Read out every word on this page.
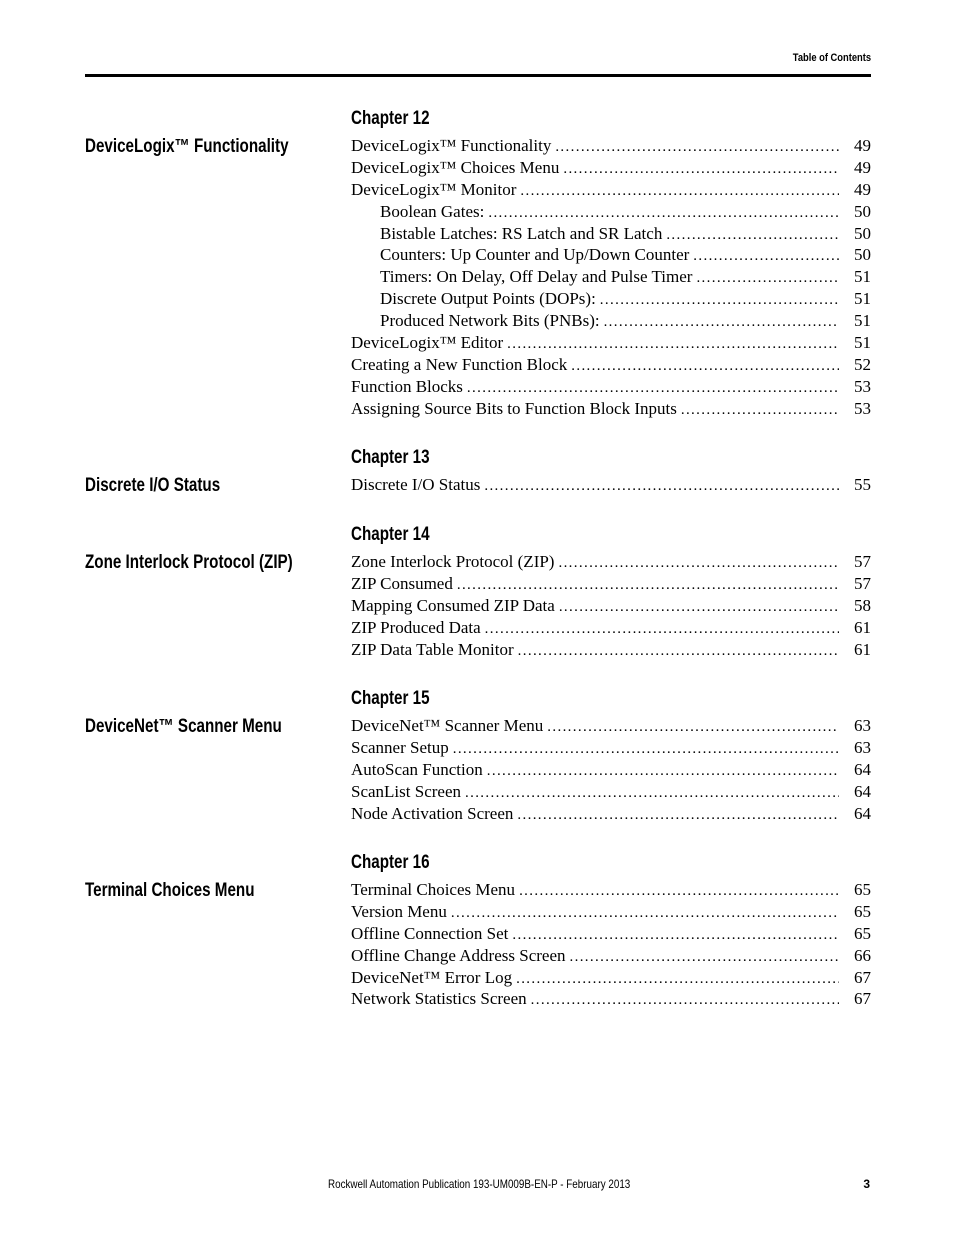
Table of Contents
Chapter 12
DeviceLogix™ Functionality	DeviceLogix™ Functionality . . .	49
DeviceLogix™ Choices Menu . . .	49
DeviceLogix™ Monitor . . .	49
Boolean Gates: . . .	50
Bistable Latches: RS Latch and SR Latch . . .	50
Counters: Up Counter and Up/Down Counter . . .	50
Timers: On Delay, Off Delay and Pulse Timer . . .	51
Discrete Output Points (DOPs): . . .	51
Produced Network Bits (PNBs): . . .	51
DeviceLogix™ Editor . . .	51
Creating a New Function Block . . .	52
Function Blocks . . .	53
Assigning Source Bits to Function Block Inputs . . .	53
Chapter 13
Discrete I/O Status	Discrete I/O Status . . .	55
Chapter 14
Zone Interlock Protocol (ZIP)	Zone Interlock Protocol (ZIP) . . .	57
ZIP Consumed . . .	57
Mapping Consumed ZIP Data . . .	58
ZIP Produced Data . . .	61
ZIP Data Table Monitor . . .	61
Chapter 15
DeviceNet™ Scanner Menu	DeviceNet™ Scanner Menu . . .	63
Scanner Setup . . .	63
AutoScan Function . . .	64
ScanList Screen . . .	64
Node Activation Screen . . .	64
Chapter 16
Terminal Choices Menu	Terminal Choices Menu . . .	65
Version Menu . . .	65
Offline Connection Set . . .	65
Offline Change Address Screen . . .	66
DeviceNet™ Error Log . . .	67
Network Statistics Screen . . .	67
Rockwell Automation Publication 193-UM009B-EN-P - February 2013	3
